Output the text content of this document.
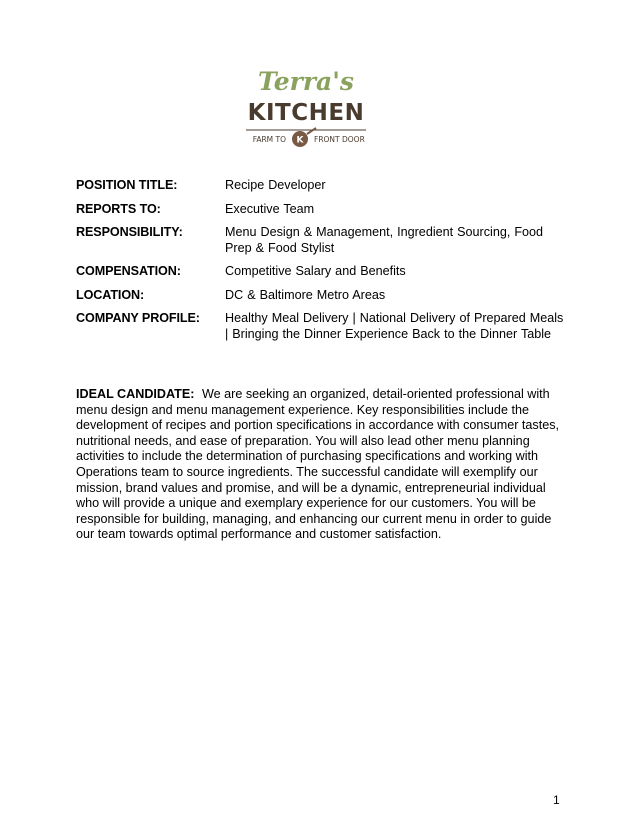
Terra's
KITCHEN
FARM TO K FRONT DOOR
POSITION TITLE:	Recipe Developer
REPORTS TO:	Executive Team
RESPONSIBILITY:	Menu Design & Management, Ingredient Sourcing, Food Prep & Food Stylist
COMPENSATION:	Competitive Salary and Benefits
LOCATION:	DC & Baltimore Metro Areas
COMPANY PROFILE:	Healthy Meal Delivery | National Delivery of Prepared Meals | Bringing the Dinner Experience Back to the Dinner Table
IDEAL CANDIDATE: We are seeking an organized, detail-oriented professional with menu design and menu management experience. Key responsibilities include the development of recipes and portion specifications in accordance with consumer tastes, nutritional needs, and ease of preparation. You will also lead other menu planning activities to include the determination of purchasing specifications and working with Operations team to source ingredients. The successful candidate will exemplify our mission, brand values and promise, and will be a dynamic, entrepreneurial individual who will provide a unique and exemplary experience for our customers. You will be responsible for building, managing, and enhancing our current menu in order to guide our team towards optimal performance and customer satisfaction.
1
